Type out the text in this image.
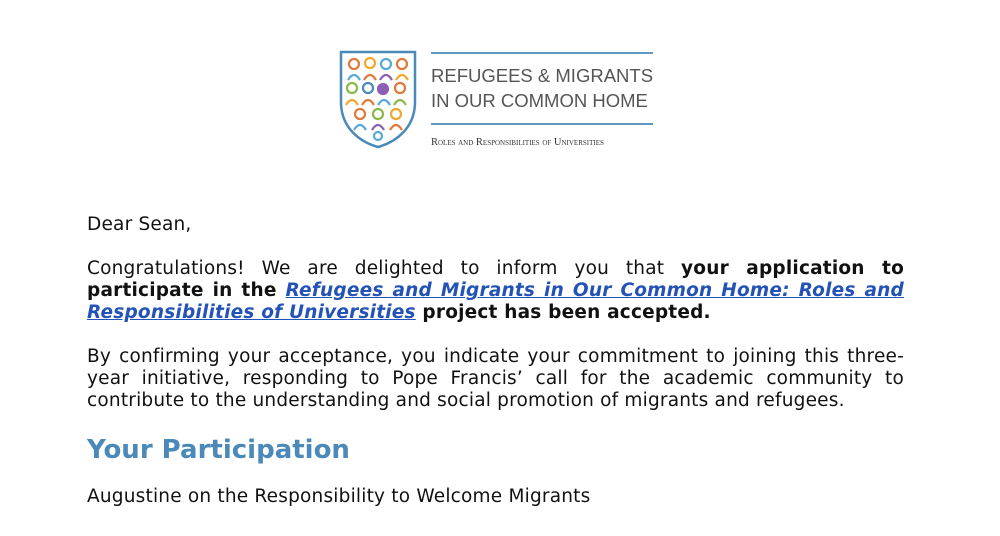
REFUGEES & MIGRANTS
IN OUR COMMON HOME
Roles and Responsibilities of Universities

Dear Sean,

Congratulations! We are delighted to inform you that your application to participate in the Refugees and Migrants in Our Common Home: Roles and Responsibilities of Universities project has been accepted.

By confirming your acceptance, you indicate your commitment to joining this three-year initiative, responding to Pope Francis’ call for the academic community to contribute to the understanding and social promotion of migrants and refugees.

Your Participation

Augustine on the Responsibility to Welcome Migrants
